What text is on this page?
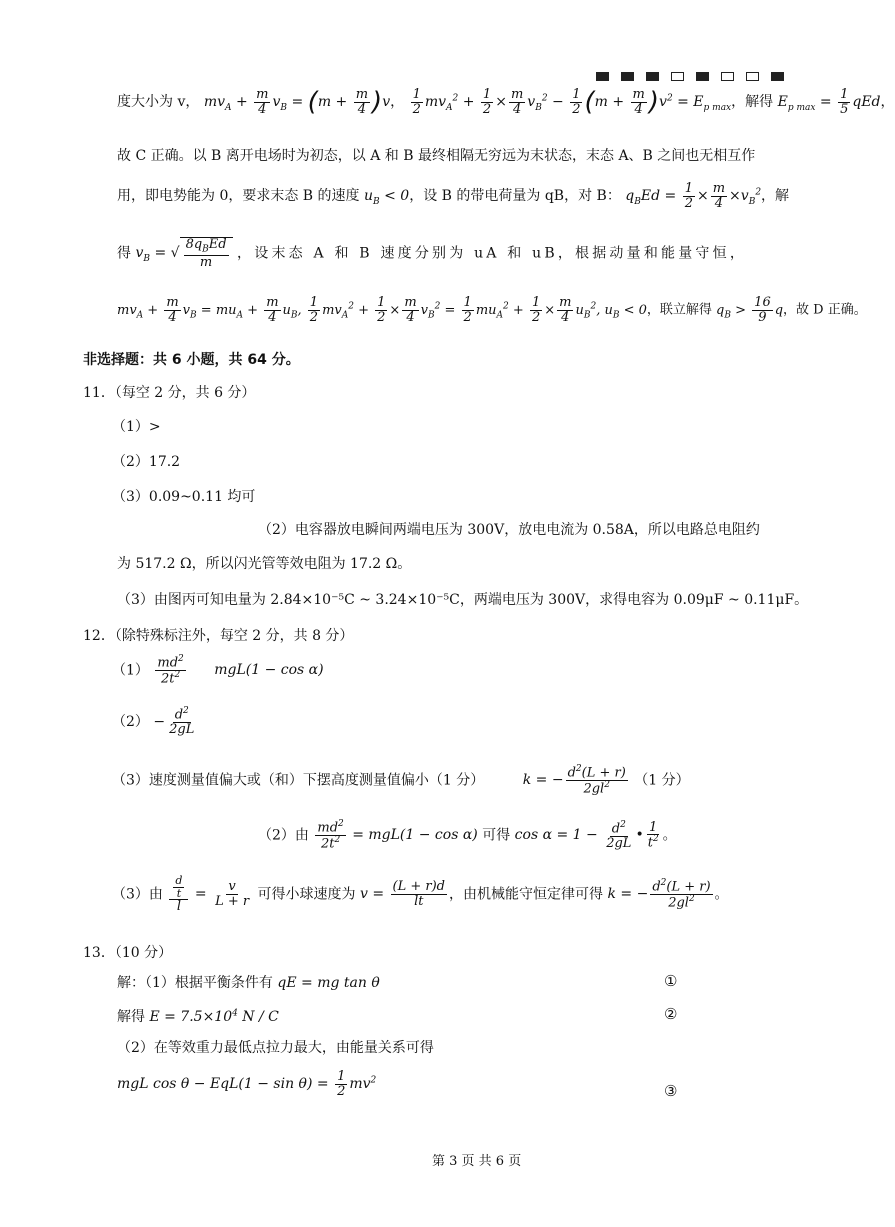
度大小为 v， $mv_A + \frac{m}{4} v_B = (m + \frac{m}{4} )v$， $\frac{1}{2} mv_A^2 + \frac{1}{2} \times \frac{m}{4} v_B^2 - \frac{1}{2} (m + \frac{m}{4} )v^2 = E_{p max}$，解得 $E_{p max} = \frac{1}{5}$ qEd，
故 C 正确。以 B 离开电场时为初态，以 A 和 B 最终相隔无穷远为末状态，末态 A、B 之间也无相互作
用，即电势能为 0，要求末态 B 的速度 $u_B < 0$，设 B 的带电荷量为 qB，对 B： $q_BEd = \frac{1}{2} \times \frac{m}{4} \times v_B^2$，解
得 $v_B$ = √ $\frac{8q_BEd}{m}$ ，设末态 A 和 B 速度分别为 uA 和 uB，根据动量和能量守恒，
$mv_A + \frac{m}{4} v_B = mu_A + \frac{m}{4} u_B$, $\frac{1}{2} mv_A^2 + \frac{1}{2} \times \frac{m}{4} v_B^2 = \frac{1}{2} mu_A^2 + \frac{1}{2} \times \frac{m}{4} u_B^2$, $u_B < 0$，联立解得 $q_B > \frac{16}{9}$ q，故 D 正确。
非选择题：共 6 小题，共 64 分。
11．（每空 2 分，共 6 分）
（1）>
（2）17.2
（3）0.09~0.11 均可
（2）电容器放电瞬间两端电压为 300V，放电电流为 0.58A，所以电路总电阻约
为 517.2 Ω，所以闪光管等效电阻为 17.2 Ω。
（3）由图丙可知电量为 2.84×10⁻⁵C ~ 3.24×10⁻⁵C，两端电压为 300V，求得电容为 0.09μF ~ 0.11μF。
12．（除特殊标注外，每空 2 分，共 8 分）
$(1) \frac{md^2}{2t^2} mgL(1 - \cos \alpha)$
$(2) - \frac{d^2}{2gL}$
（3）速度测量值偏大或（和）下摆高度测量值偏小（1 分）	k = − $\frac{d^2(L + r)}{2gl^2} (1$ 分）
（2）由 $\frac{md^2}{2t^2} = mgL(1 - \cos \alpha)$ 可得 $\cos \alpha = 1 - \frac{d^2}{2gL}$ • $\frac{1}{t^2}$ 。
（3）由 $\frac{\frac{d}{t}}{l} = \frac{v}{L + r}$ 可得小球速度为 $v = \frac{(L + r)d}{lt}$ ，由机械能守恒定律可得 k = − $\frac{d^2(L + r)}{2gl^2}$ 。
13．（10 分）
解：（1）根据平衡条件有 qE = mg tan θ	①
解得 $E = 7.5\times 10^4$ N / C	②
（2）在等效重力最低点拉力最大，由能量关系可得
mgL $\cos \theta - EqL(1 - \sin \theta) = \frac{1}{2} mv^2$
③
第 3 页 共 6 页
